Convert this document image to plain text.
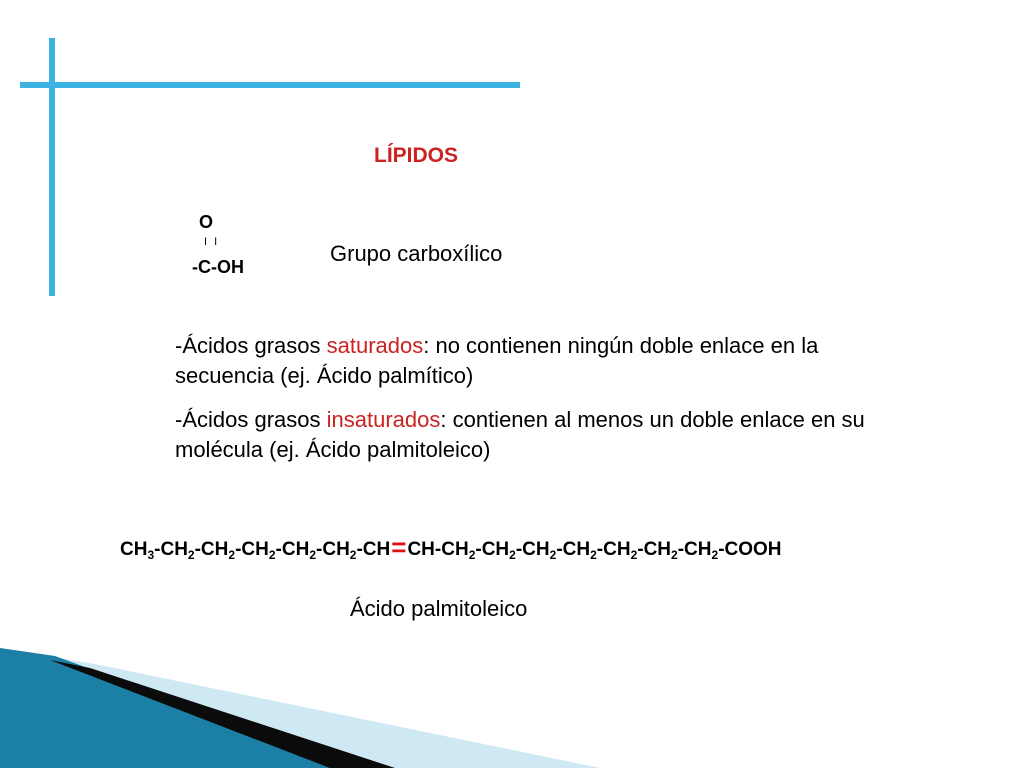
LÍPIDOS
O
I I
-C-OH
Grupo carboxílico
-Ácidos grasos saturados: no contienen ningún doble enlace en la secuencia (ej. Ácido palmítico)
-Ácidos grasos insaturados: contienen al menos un doble enlace en su molécula (ej. Ácido palmitoleico)
$CH_3-CH_2-CH_2-CH_2-CH_2-CH_2-CH=CH-CH_2-CH_2-CH_2-CH_2-CH_2-CH_2-CH_2$-COOH
Ácido palmitoleico
